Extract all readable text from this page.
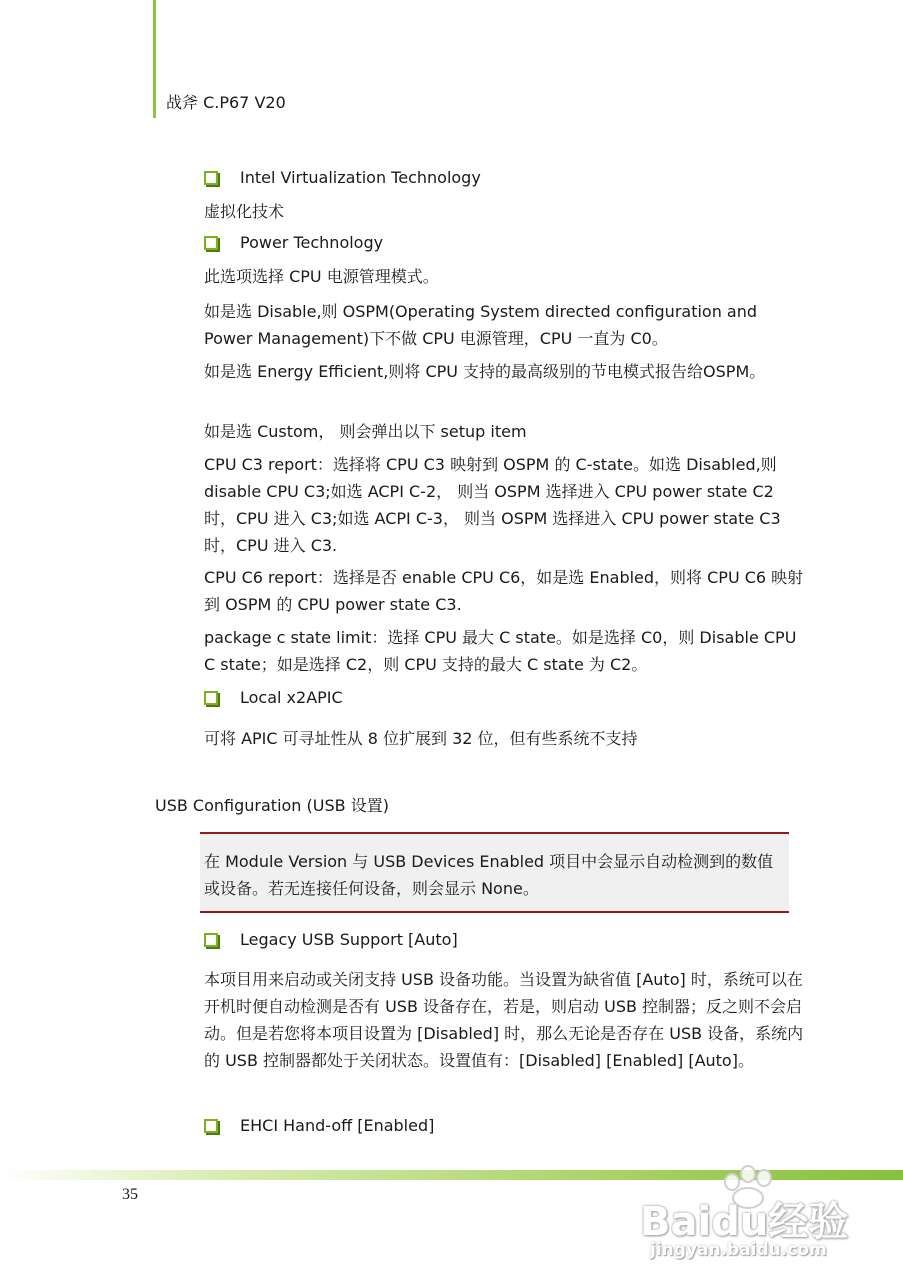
战斧 C.P67 V20
Intel Virtualization Technology

虚拟化技术

Power Technology

此选项选择 CPU 电源管理模式。

如是选 Disable,则 OSPM(Operating System directed configuration and Power Management)下不做 CPU 电源管理，CPU 一直为 C0。

如是选 Energy Efficient,则将 CPU 支持的最高级别的节电模式报告给OSPM。

如是选 Custom， 则会弹出以下 setup item

CPU C3 report：选择将 CPU C3 映射到 OSPM 的 C-state。如选 Disabled,则 disable CPU C3;如选 ACPI C-2， 则当 OSPM 选择进入 CPU power state C2 时，CPU 进入 C3;如选 ACPI C-3， 则当 OSPM 选择进入 CPU power state C3 时，CPU 进入 C3.

CPU C6 report：选择是否 enable CPU C6，如是选 Enabled，则将 CPU C6 映射到 OSPM 的 CPU power state C3.

package c state limit：选择 CPU 最大 C state。如是选择 C0，则 Disable CPU C state；如是选择 C2，则 CPU 支持的最大 C state 为 C2。

Local x2APIC

可将 APIC 可寻址性从 8 位扩展到 32 位，但有些系统不支持

USB Configuration (USB 设置)

在 Module Version 与 USB Devices Enabled 项目中会显示自动检测到的数值或设备。若无连接任何设备，则会显示 None。

Legacy USB Support [Auto]

本项目用来启动或关闭支持 USB 设备功能。当设置为缺省值 [Auto] 时，系统可以在开机时便自动检测是否有 USB 设备存在，若是，则启动 USB 控制器；反之则不会启动。但是若您将本项目设置为 [Disabled] 时，那么无论是否存在 USB 设备，系统内的 USB 控制器都处于关闭状态。设置值有：[Disabled] [Enabled] [Auto]。

EHCI Hand-off [Enabled]
35
Baidu经验
jingyan.baidu.com
